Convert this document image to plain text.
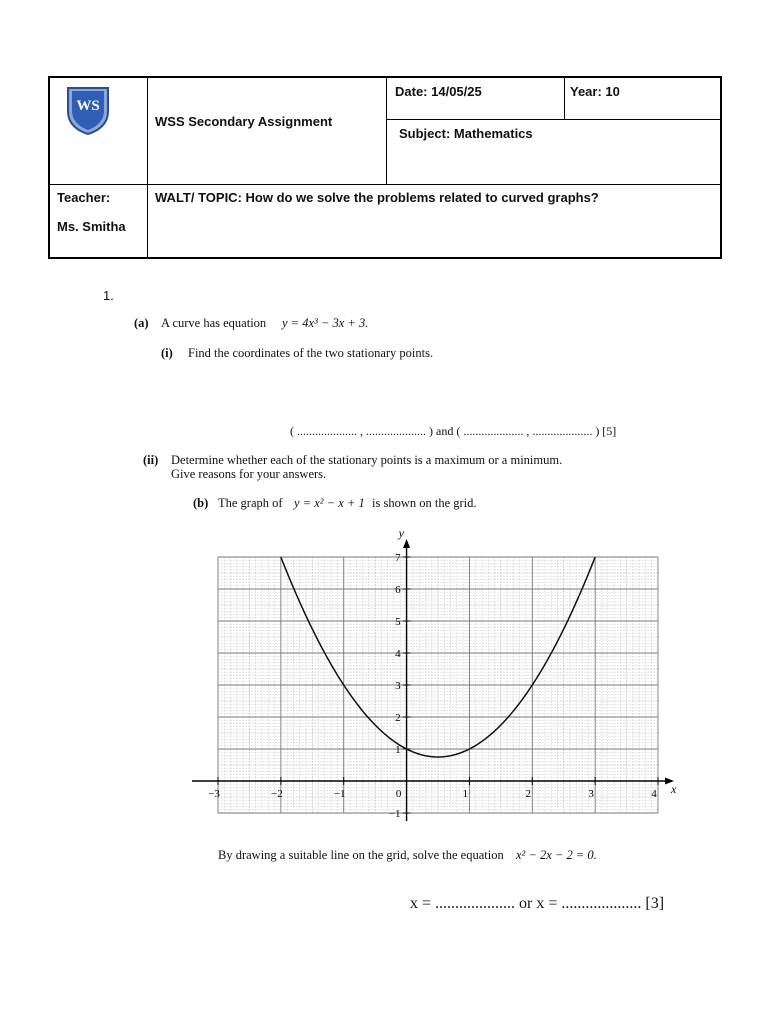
WS
WSS Secondary Assignment
Date: 14/05/25	Year: 10
Subject: Mathematics
Teacher:
Ms. Smitha
WALT/ TOPIC: How do we solve the problems related to curved graphs?
1.
(a) A curve has equation y = 4x³ − 3x + 3.
(i) Find the coordinates of the two stationary points.
( .................... , .................... ) and ( .................... , .................... ) [5]
(ii) Determine whether each of the stationary points is a maximum or a minimum.
Give reasons for your answers.
(b) The graph of y = x² − x + 1 is shown on the grid.
x
y
−3	−2	−1	0	1	2	3	4
−1
1
2
3
4
5
6
7
By drawing a suitable line on the grid, solve the equation x² − 2x − 2 = 0.
x = .................... or x = .................... [3]
